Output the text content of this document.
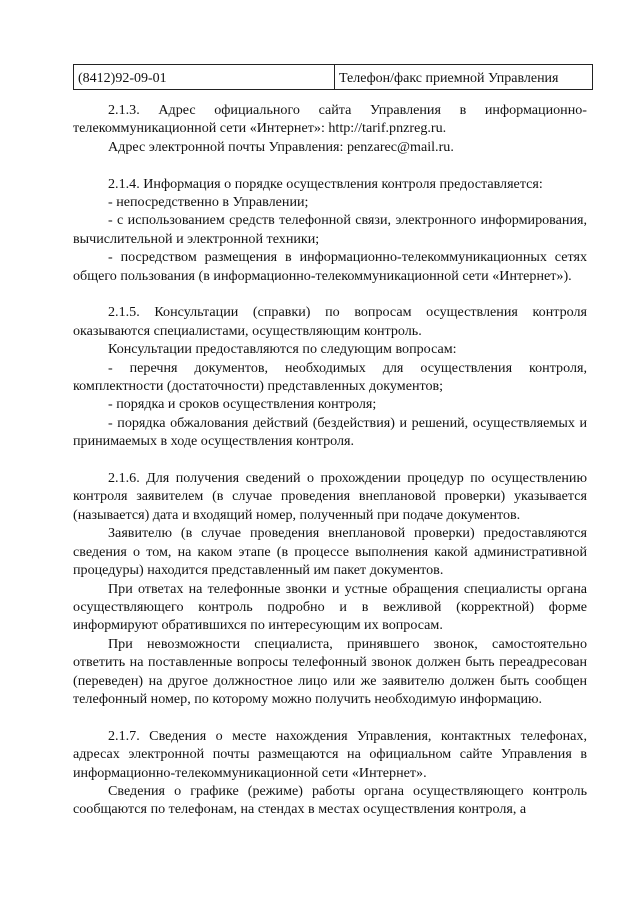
(8412)92-09-01	Телефон/факс приемной Управления

2.1.3. Адрес официального сайта Управления в информационно-телекоммуникационной сети «Интернет»: http://tarif.pnzreg.ru.

Адрес электронной почты Управления: penzarec@mail.ru.

2.1.4. Информация о порядке осуществления контроля предоставляется:

- непосредственно в Управлении;

- с использованием средств телефонной связи, электронного информирования, вычислительной и электронной техники;

- посредством размещения в информационно-телекоммуникационных сетях общего пользования (в информационно-телекоммуникационной сети «Интернет»).

2.1.5. Консультации (справки) по вопросам осуществления контроля оказываются специалистами, осуществляющим контроль.

Консультации предоставляются по следующим вопросам:

- перечня документов, необходимых для осуществления контроля, комплектности (достаточности) представленных документов;

- порядка и сроков осуществления контроля;

- порядка обжалования действий (бездействия) и решений, осуществляемых и принимаемых в ходе осуществления контроля.

2.1.6. Для получения сведений о прохождении процедур по осуществлению контроля заявителем (в случае проведения внеплановой проверки) указывается (называется) дата и входящий номер, полученный при подаче документов.

Заявителю (в случае проведения внеплановой проверки) предоставляются сведения о том, на каком этапе (в процессе выполнения какой административной процедуры) находится представленный им пакет документов.

При ответах на телефонные звонки и устные обращения специалисты органа осуществляющего контроль подробно и в вежливой (корректной) форме информируют обратившихся по интересующим их вопросам.

При невозможности специалиста, принявшего звонок, самостоятельно ответить на поставленные вопросы телефонный звонок должен быть переадресован (переведен) на другое должностное лицо или же заявителю должен быть сообщен телефонный номер, по которому можно получить необходимую информацию.

2.1.7. Сведения о месте нахождения Управления, контактных телефонах, адресах электронной почты размещаются на официальном сайте Управления в информационно-телекоммуникационной сети «Интернет».

Сведения о графике (режиме) работы органа осуществляющего контроль сообщаются по телефонам, на стендах в местах осуществления контроля, а
